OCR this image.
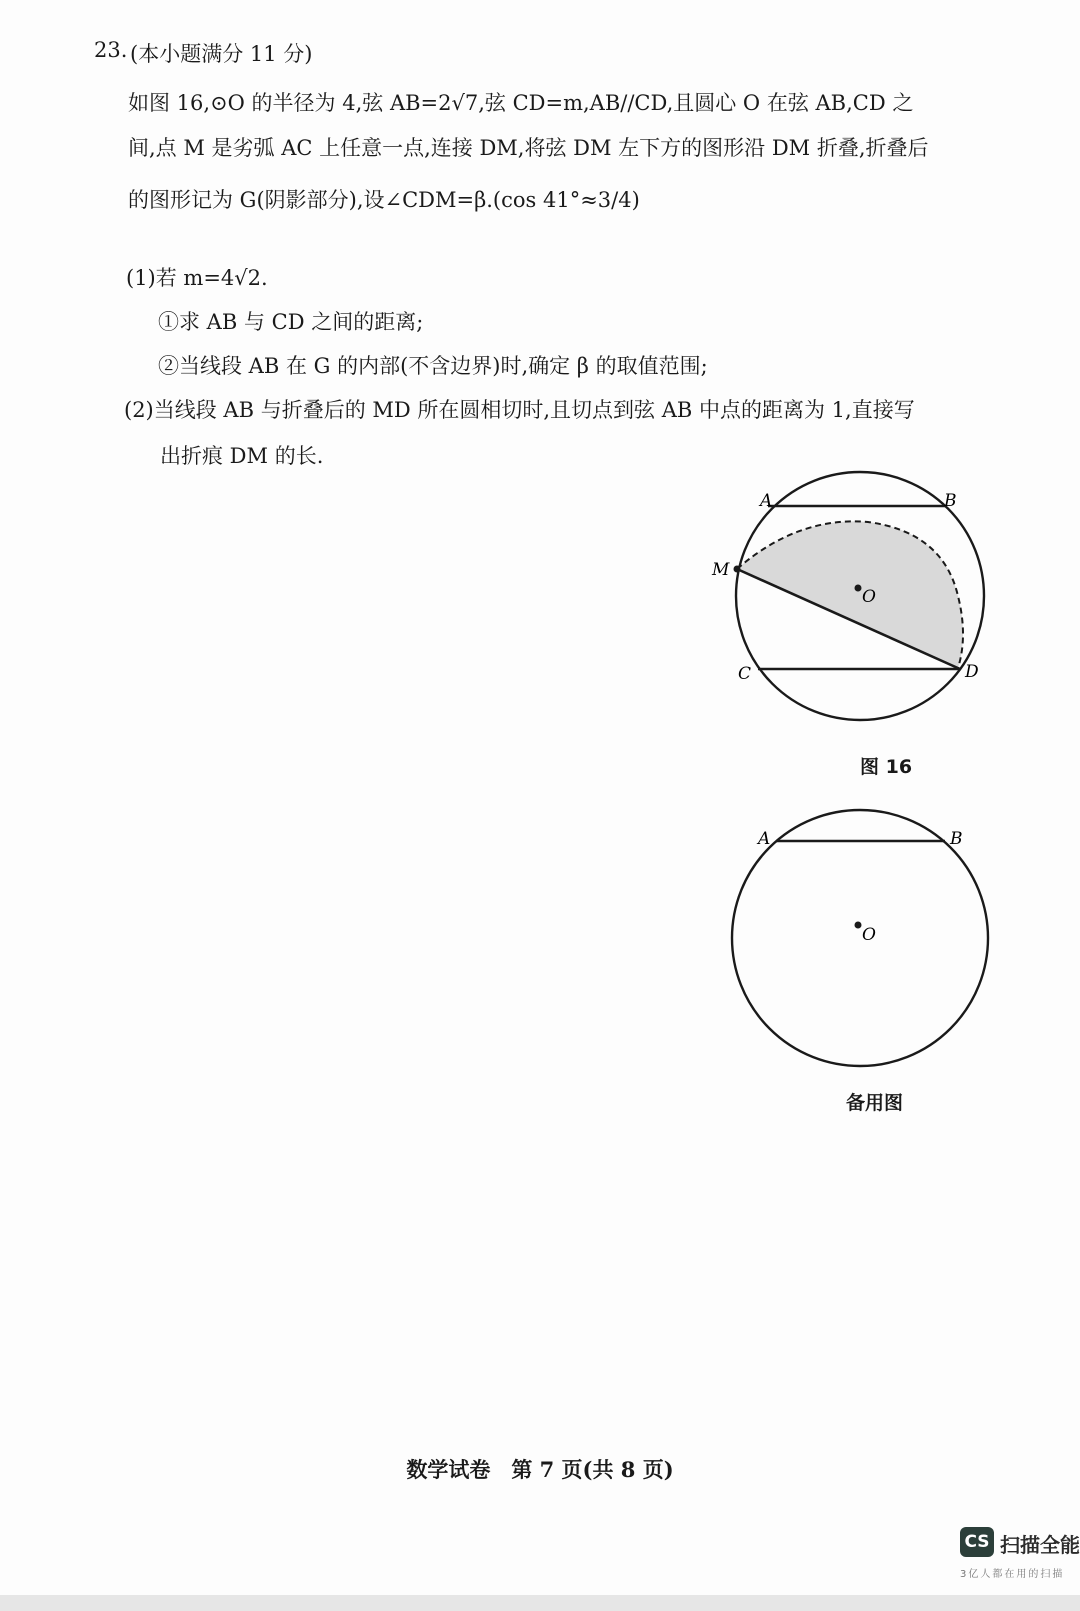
23. (本小题满分 11 分)
如图 16,⊙O 的半径为 4,弦 AB=2√7,弦 CD=m,AB//CD,且圆心 O 在弦 AB,CD 之
间,点 M 是劣弧 AC 上任意一点,连接 DM,将弦 DM 左下方的图形沿 DM 折叠,折叠后
的图形记为 G(阴影部分),设∠CDM=β.(cos 41°≈3/4)
(1)若 m=4√2.
①求 AB 与 CD 之间的距离;
②当线段 AB 在 G 的内部(不含边界)时,确定 β 的取值范围;
(2)当线段 AB 与折叠后的 MD 所在圆相切时,且切点到弦 AB 中点的距离为 1,直接写
出折痕 DM 的长.
A	B
M
O
C	D
图 16
A	B
O
备用图
数学试卷　第 7 页(共 8 页)
CS 扫描全能
3亿人都在用的扫描
